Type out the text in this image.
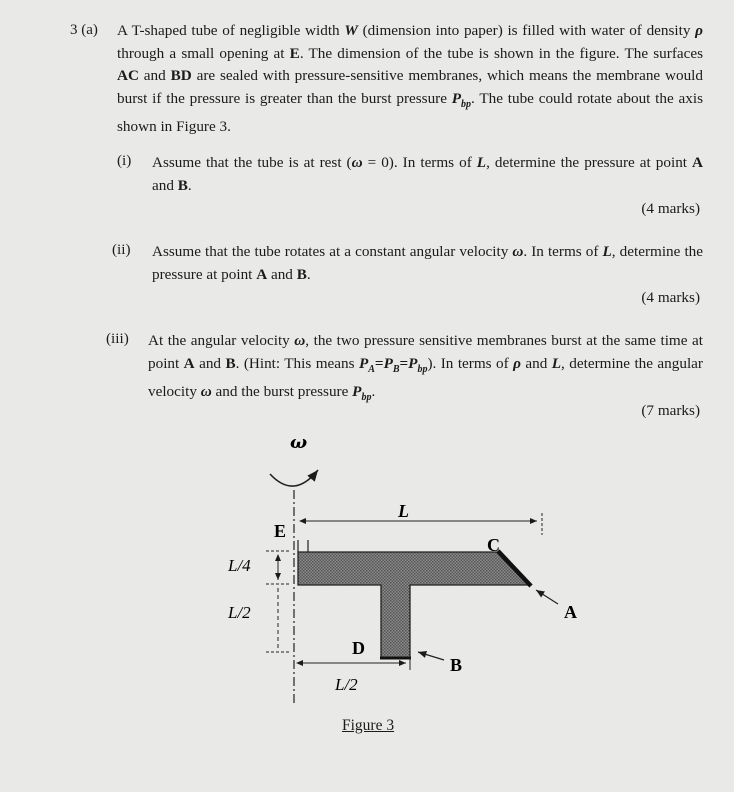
3 (a) A T-shaped tube of negligible width W (dimension into paper) is filled with water of density ρ through a small opening at E. The dimension of the tube is shown in the figure. The surfaces AC and BD are sealed with pressure-sensitive membranes, which means the membrane would burst if the pressure is greater than the burst pressure $P_{bp}$. The tube could rotate about the axis shown in Figure 3.
(i) Assume that the tube is at rest (ω = 0). In terms of L, determine the pressure at point A and B.
(4 marks)
(ii) Assume that the tube rotates at a constant angular velocity ω. In terms of L, determine the pressure at point A and B.
(4 marks)
(iii) At the angular velocity ω, the two pressure sensitive membranes burst at the same time at point A and B. (Hint: This means $P_A=P_B=P_{bp}$). In terms of ρ and L, determine the angular velocity ω and the burst pressure $P_{bp}$.
(7 marks)
ω
L
E
L/4
L/2
C
A
D
B
L/2
Figure 3
